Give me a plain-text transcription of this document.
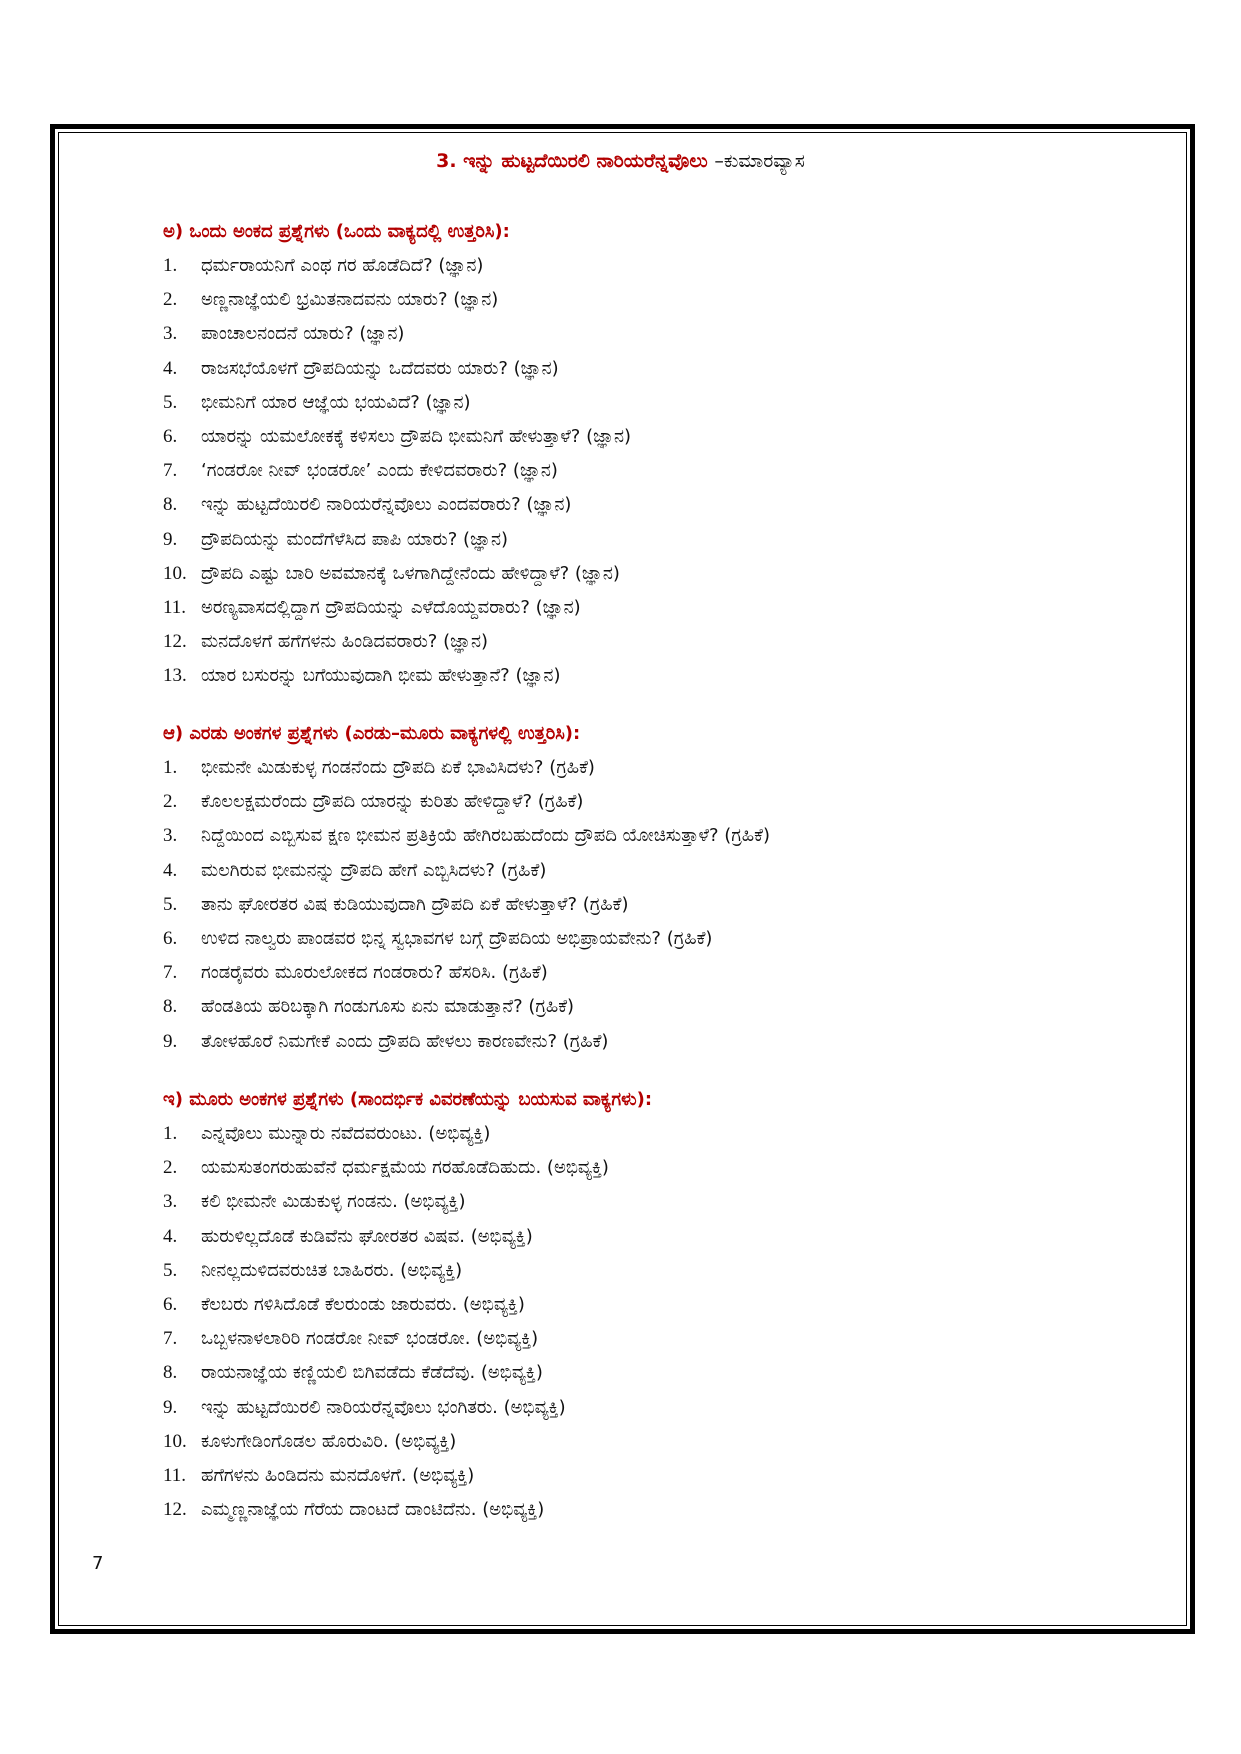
3. ಇನ್ನು ಹುಟ್ಟದೆಯಿರಲಿ ನಾರಿಯರೆನ್ನವೊಲು –ಕುಮಾರವ್ಯಾಸ
ಅ) ಒಂದು ಅಂಕದ ಪ್ರಶ್ನೆಗಳು (ಒಂದು ವಾಕ್ಯದಲ್ಲಿ ಉತ್ತರಿಸಿ):
1.	ಧರ್ಮರಾಯನಿಗೆ ಎಂಥ ಗರ ಹೊಡೆದಿದೆ? (ಜ್ಞಾನ)
2.	ಅಣ್ಣನಾಜ್ಞೆಯಲಿ ಭ್ರಮಿತನಾದವನು ಯಾರು? (ಜ್ಞಾನ)
3.	ಪಾಂಚಾಲನಂದನೆ ಯಾರು? (ಜ್ಞಾನ)
4.	ರಾಜಸಭೆಯೊಳಗೆ ದ್ರೌಪದಿಯನ್ನು ಒದೆದವರು ಯಾರು? (ಜ್ಞಾನ)
5.	ಭೀಮನಿಗೆ ಯಾರ ಆಜ್ಞೆಯ ಭಯವಿದೆ? (ಜ್ಞಾನ)
6.	ಯಾರನ್ನು ಯಮಲೋಕಕ್ಕೆ ಕಳಿಸಲು ದ್ರೌಪದಿ ಭೀಮನಿಗೆ ಹೇಳುತ್ತಾಳೆ? (ಜ್ಞಾನ)
7.	‘ಗಂಡರೋ ನೀವ್ ಭಂಡರೋ’ ಎಂದು ಕೇಳಿದವರಾರು? (ಜ್ಞಾನ)
8.	ಇನ್ನು ಹುಟ್ಟದೆಯಿರಲಿ ನಾರಿಯರೆನ್ನವೊಲು ಎಂದವರಾರು? (ಜ್ಞಾನ)
9.	ದ್ರೌಪದಿಯನ್ನು ಮಂದೆಗೆಳೆಸಿದ ಪಾಪಿ ಯಾರು? (ಜ್ಞಾನ)
10. ದ್ರೌಪದಿ ಎಷ್ಟು ಬಾರಿ ಅವಮಾನಕ್ಕೆ ಒಳಗಾಗಿದ್ದೇನೆಂದು ಹೇಳಿದ್ದಾಳೆ? (ಜ್ಞಾನ)
11. ಅರಣ್ಯವಾಸದಲ್ಲಿದ್ದಾಗ ದ್ರೌಪದಿಯನ್ನು ಎಳೆದೊಯ್ದವರಾರು? (ಜ್ಞಾನ)
12. ಮನದೊಳಗೆ ಹಗೆಗಳನು ಹಿಂಡಿದವರಾರು? (ಜ್ಞಾನ)
13. ಯಾರ ಬಸುರನ್ನು ಬಗೆಯುವುದಾಗಿ ಭೀಮ ಹೇಳುತ್ತಾನೆ? (ಜ್ಞಾನ)
ಆ) ಎರಡು ಅಂಕಗಳ ಪ್ರಶ್ನೆಗಳು (ಎರಡು–ಮೂರು ವಾಕ್ಯಗಳಲ್ಲಿ ಉತ್ತರಿಸಿ):
1.	ಭೀಮನೇ ಮಿಡುಕುಳ್ಳ ಗಂಡನೆಂದು ದ್ರೌಪದಿ ಏಕೆ ಭಾವಿಸಿದಳು? (ಗ್ರಹಿಕೆ)
2.	ಕೊಲಲಕ್ಷಮರೆಂದು ದ್ರೌಪದಿ ಯಾರನ್ನು ಕುರಿತು ಹೇಳಿದ್ದಾಳೆ? (ಗ್ರಹಿಕೆ)
3.	ನಿದ್ದೆಯಿಂದ ಎಬ್ಬಿಸುವ ಕ್ಷಣ ಭೀಮನ ಪ್ರತಿಕ್ರಿಯೆ ಹೇಗಿರಬಹುದೆಂದು ದ್ರೌಪದಿ ಯೋಚಿಸುತ್ತಾಳೆ? (ಗ್ರಹಿಕೆ)
4.	ಮಲಗಿರುವ ಭೀಮನನ್ನು ದ್ರೌಪದಿ ಹೇಗೆ ಎಬ್ಬಿಸಿದಳು? (ಗ್ರಹಿಕೆ)
5.	ತಾನು ಘೋರತರ ವಿಷ ಕುಡಿಯುವುದಾಗಿ ದ್ರೌಪದಿ ಏಕೆ ಹೇಳುತ್ತಾಳೆ? (ಗ್ರಹಿಕೆ)
6.	ಉಳಿದ ನಾಲ್ವರು ಪಾಂಡವರ ಭಿನ್ನ ಸ್ವಭಾವಗಳ ಬಗ್ಗೆ ದ್ರೌಪದಿಯ ಅಭಿಪ್ರಾಯವೇನು? (ಗ್ರಹಿಕೆ)
7.	ಗಂಡರೈವರು ಮೂರುಲೋಕದ ಗಂಡರಾರು? ಹೆಸರಿಸಿ. (ಗ್ರಹಿಕೆ)
8.	ಹೆಂಡತಿಯ ಹರಿಬಕ್ಕಾಗಿ ಗಂಡುಗೂಸು ಏನು ಮಾಡುತ್ತಾನೆ? (ಗ್ರಹಿಕೆ)
9.	ತೋಳಹೊರೆ ನಿಮಗೇಕೆ ಎಂದು ದ್ರೌಪದಿ ಹೇಳಲು ಕಾರಣವೇನು? (ಗ್ರಹಿಕೆ)
ಇ) ಮೂರು ಅಂಕಗಳ ಪ್ರಶ್ನೆಗಳು (ಸಾಂದರ್ಭಿಕ ವಿವರಣೆಯನ್ನು ಬಯಸುವ ವಾಕ್ಯಗಳು):
1.	ಎನ್ನವೊಲು ಮುನ್ನಾರು ನವೆದವರುಂಟು. (ಅಭಿವ್ಯಕ್ತಿ)
2.	ಯಮಸುತಂಗರುಹುವೆನೆ ಧರ್ಮಕ್ಷಮೆಯ ಗರಹೊಡೆದಿಹುದು. (ಅಭಿವ್ಯಕ್ತಿ)
3.	ಕಲಿ ಭೀಮನೇ ಮಿಡುಕುಳ್ಳ ಗಂಡನು. (ಅಭಿವ್ಯಕ್ತಿ)
4.	ಹುರುಳಿಲ್ಲದೊಡೆ ಕುಡಿವೆನು ಘೋರತರ ವಿಷವ. (ಅಭಿವ್ಯಕ್ತಿ)
5.	ನೀನಲ್ಲದುಳಿದವರುಚಿತ ಬಾಹಿರರು. (ಅಭಿವ್ಯಕ್ತಿ)
6.	ಕೆಲಬರು ಗಳಿಸಿದೊಡೆ ಕೆಲರುಂಡು ಜಾರುವರು. (ಅಭಿವ್ಯಕ್ತಿ)
7.	ಒಬ್ಬಳನಾಳಲಾರಿರಿ ಗಂಡರೋ ನೀವ್ ಭಂಡರೋ. (ಅಭಿವ್ಯಕ್ತಿ)
8.	ರಾಯನಾಜ್ಞೆಯ ಕಣ್ಣಿಯಲಿ ಬಿಗಿವಡೆದು ಕೆಡೆದೆವು. (ಅಭಿವ್ಯಕ್ತಿ)
9.	ಇನ್ನು ಹುಟ್ಟದೆಯಿರಲಿ ನಾರಿಯರೆನ್ನವೊಲು ಭಂಗಿತರು. (ಅಭಿವ್ಯಕ್ತಿ)
10. ಕೂಳುಗೇಡಿಂಗೊಡಲ ಹೊರುವಿರಿ. (ಅಭಿವ್ಯಕ್ತಿ)
11. ಹಗೆಗಳನು ಹಿಂಡಿದನು ಮನದೊಳಗೆ. (ಅಭಿವ್ಯಕ್ತಿ)
12. ಎಮ್ಮಣ್ಣನಾಜ್ಞೆಯ ಗೆರೆಯ ದಾಂಟದೆ ದಾಂಟಿದೆನು. (ಅಭಿವ್ಯಕ್ತಿ)
7
